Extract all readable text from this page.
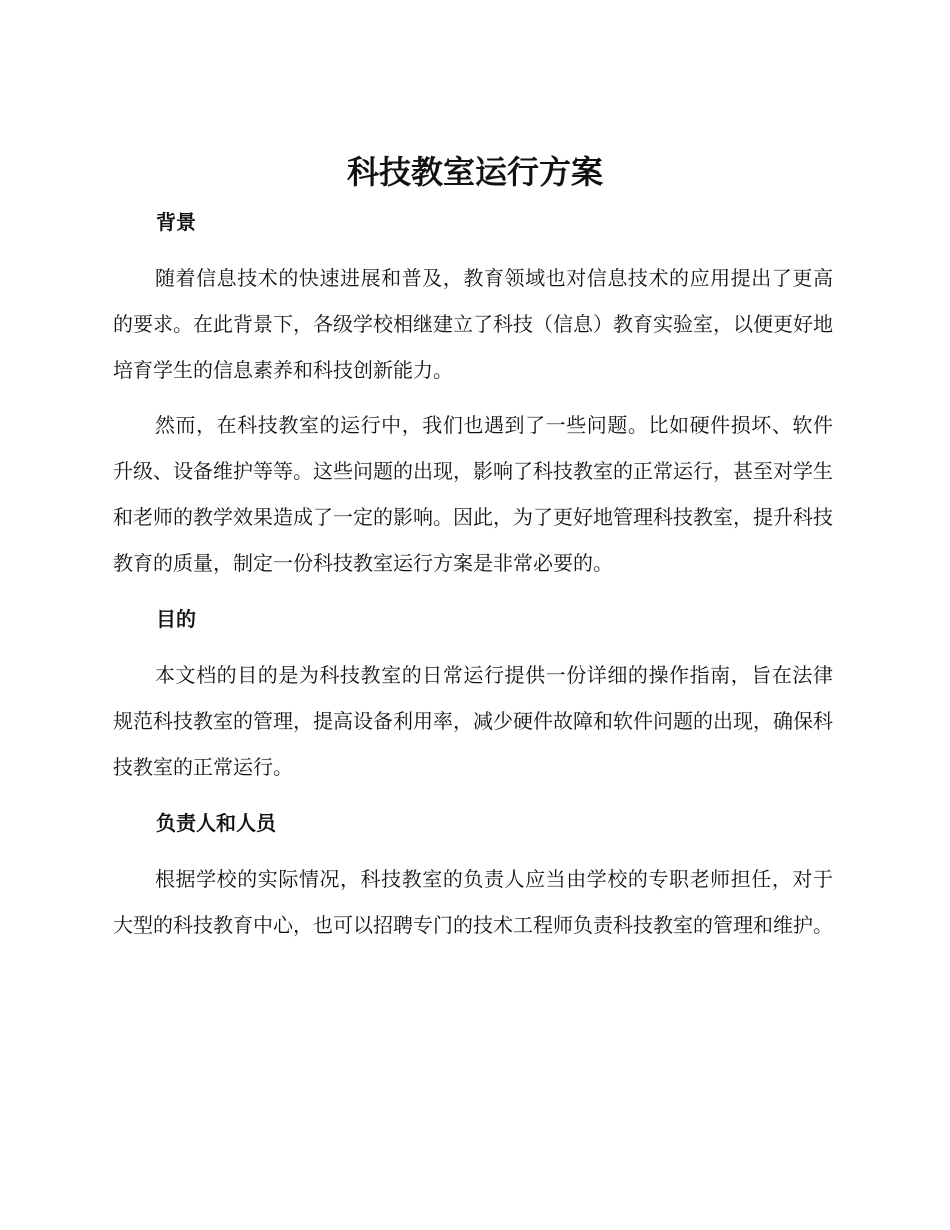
科技教室运行方案
背景

随着信息技术的快速进展和普及，教育领域也对信息技术的应用提出了更高的要求。在此背景下，各级学校相继建立了科技（信息）教育实验室，以便更好地培育学生的信息素养和科技创新能力。

然而，在科技教室的运行中，我们也遇到了一些问题。比如硬件损坏、软件升级、设备维护等等。这些问题的出现，影响了科技教室的正常运行，甚至对学生和老师的教学效果造成了一定的影响。因此，为了更好地管理科技教室，提升科技教育的质量，制定一份科技教室运行方案是非常必要的。

目的

本文档的目的是为科技教室的日常运行提供一份详细的操作指南，旨在法律规范科技教室的管理，提高设备利用率，减少硬件故障和软件问题的出现，确保科技教室的正常运行。

负责人和人员

根据学校的实际情况，科技教室的负责人应当由学校的专职老师担任，对于大型的科技教育中心，也可以招聘专门的技术工程师负责科技教室的管理和维护。
